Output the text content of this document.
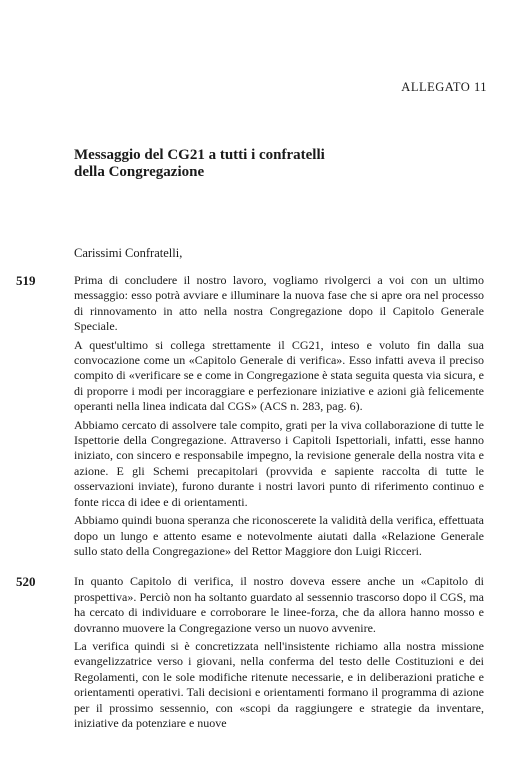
ALLEGATO 11
Messaggio del CG21 a tutti i confratelli
della Congregazione
Carissimi Confratelli,
519	Prima di concludere il nostro lavoro, vogliamo rivolgerci a voi con un ultimo messaggio: esso potrà avviare e illuminare la nuova fase che si apre ora nel processo di rinnovamento in atto nella nostra Congregazione dopo il Capitolo Generale Speciale.
A quest'ultimo si collega strettamente il CG21, inteso e voluto fin dalla sua convocazione come un «Capitolo Generale di verifica». Esso infatti aveva il preciso compito di «verificare se e come in Congregazione è stata seguita questa via sicura, e di proporre i modi per incoraggiare e perfezionare iniziative e azioni già felicemente operanti nella linea indicata dal CGS» (ACS n. 283, pag. 6).
Abbiamo cercato di assolvere tale compito, grati per la viva collaborazione di tutte le Ispettorie della Congregazione. Attraverso i Capitoli Ispettoriali, infatti, esse hanno iniziato, con sincero e responsabile impegno, la revisione generale della nostra vita e azione. E gli Schemi precapitolari (provvida e sapiente raccolta di tutte le osservazioni inviate), furono durante i nostri lavori punto di riferimento continuo e fonte ricca di idee e di orientamenti.
Abbiamo quindi buona speranza che riconoscerete la validità della verifica, effettuata dopo un lungo e attento esame e notevolmente aiutati dalla «Relazione Generale sullo stato della Congregazione» del Rettor Maggiore don Luigi Ricceri.
520	In quanto Capitolo di verifica, il nostro doveva essere anche un «Capitolo di prospettiva». Perciò non ha soltanto guardato al sessennio trascorso dopo il CGS, ma ha cercato di individuare e corroborare le linee-forza, che da allora hanno mosso e dovranno muovere la Congregazione verso un nuovo avvenire.
La verifica quindi si è concretizzata nell'insistente richiamo alla nostra missione evangelizzatrice verso i giovani, nella conferma del testo delle Costituzioni e dei Regolamenti, con le sole modifiche ritenute necessarie, e in deliberazioni pratiche e orientamenti operativi. Tali decisioni e orientamenti formano il programma di azione per il prossimo sessennio, con «scopi da raggiungere e strategie da inventare, iniziative da potenziare e nuove
